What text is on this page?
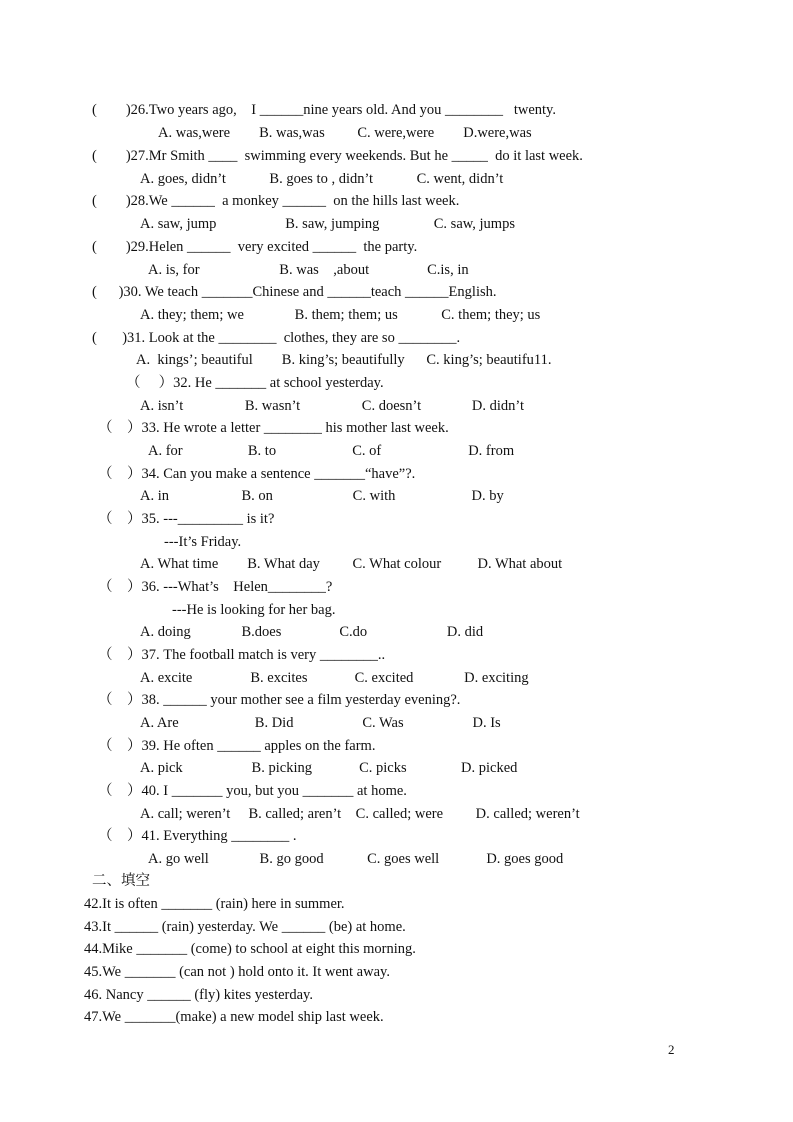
(        )26.Two years ago,    I ______nine years old. And you ________   twenty.
A. was,were        B. was,was         C. were,were        D.were,was
(        )27.Mr Smith ____  swimming every weekends. But he _____  do it last week.
A. goes, didn’t            B. goes to , didn’t            C. went, didn’t
(        )28.We ______  a monkey ______  on the hills last week.
A. saw, jump                   B. saw, jumping               C. saw, jumps
(        )29.Helen ______  very excited ______  the party.
A. is, for                      B. was    ,about                C.is, in
(      )30. We teach _______Chinese and ______teach ______English.
A. they; them; we              B. them; them; us            C. them; they; us
(       )31. Look at the ________  clothes, they are so ________.
A.  kings’; beautiful        B. king’s; beautifully      C. king’s; beautifu11.
（     ）32. He _______ at school yesterday.
A. isn’t                 B. wasn’t                 C. doesn’t              D. didn’t
（    ）33. He wrote a letter ________ his mother last week.
A. for                  B. to                     C. of                        D. from
（    ）34. Can you make a sentence _______“have”?.
A. in                    B. on                      C. with                     D. by
（    ）35. ---_________ is it?
---It’s Friday.
A. What time        B. What day         C. What colour          D. What about
（    ）36. ---What’s    Helen________?
---He is looking for her bag.
A. doing              B.does                C.do                      D. did
（    ）37. The football match is very ________..
A. excite                B. excites             C. excited              D. exciting
（    ）38. ______ your mother see a film yesterday evening?.
A. Are                     B. Did                   C. Was                   D. Is
（    ）39. He often ______ apples on the farm.
A. pick                   B. picking             C. picks               D. picked
（    ）40. I _______ you, but you _______ at home.
A. call; weren’t     B. called; aren’t    C. called; were         D. called; weren’t
（    ）41. Everything ________ .
A. go well              B. go good            C. goes well             D. goes good
二、填空
42.It is often _______ (rain) here in summer.
43.It ______ (rain) yesterday. We ______ (be) at home.
44.Mike _______ (come) to school at eight this morning.
45.We _______ (can not ) hold onto it. It went away.
46. Nancy ______ (fly) kites yesterday.
47.We _______(make) a new model ship last week.
2
